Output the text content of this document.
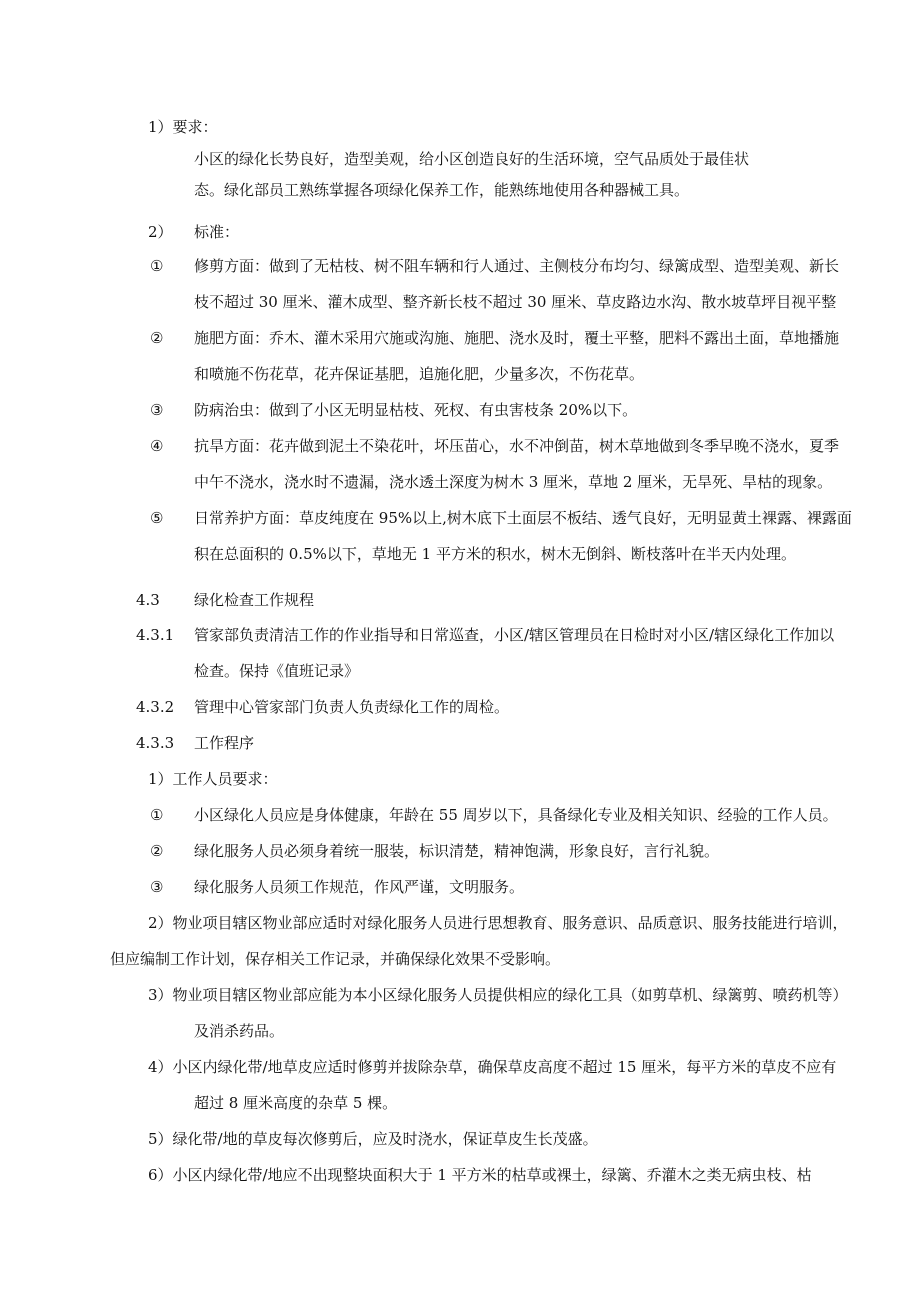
1）要求：
小区的绿化长势良好，造型美观，给小区创造良好的生活环境，空气品质处于最佳状
态。绿化部员工熟练掌握各项绿化保养工作，能熟练地使用各种器械工具。
2） 标准：
① 修剪方面：做到了无枯枝、树不阻车辆和行人通过、主侧枝分布均匀、绿篱成型、造型美观、新长
枝不超过 30 厘米、灌木成型、整齐新长枝不超过 30 厘米、草皮路边水沟、散水坡草坪目视平整
② 施肥方面：乔木、灌木采用穴施或沟施、施肥、浇水及时，覆土平整，肥料不露出土面，草地播施
和喷施不伤花草，花卉保证基肥，追施化肥，少量多次，不伤花草。
③ 防病治虫：做到了小区无明显枯枝、死杈、有虫害枝条 20%以下。
④ 抗旱方面：花卉做到泥土不染花叶，坏压苗心，水不冲倒苗，树木草地做到冬季早晚不浇水，夏季
中午不浇水，浇水时不遗漏，浇水透土深度为树木 3 厘米，草地 2 厘米，无旱死、旱枯的现象。
⑤ 日常养护方面：草皮纯度在 95%以上,树木底下土面层不板结、透气良好，无明显黄土裸露、裸露面
积在总面积的 0.5%以下，草地无 1 平方米的积水，树木无倒斜、断枝落叶在半天内处理。
4.3 绿化检查工作规程
4.3.1 管家部负责清洁工作的作业指导和日常巡查，小区/辖区管理员在日检时对小区/辖区绿化工作加以
检查。保持《值班记录》
4.3.2 管理中心管家部门负责人负责绿化工作的周检。
4.3.3 工作程序
1）工作人员要求：
① 小区绿化人员应是身体健康，年龄在 55 周岁以下，具备绿化专业及相关知识、经验的工作人员。
② 绿化服务人员必须身着统一服装，标识清楚，精神饱满，形象良好，言行礼貌。
③ 绿化服务人员须工作规范，作风严谨，文明服务。
2）物业项目辖区物业部应适时对绿化服务人员进行思想教育、服务意识、品质意识、服务技能进行培训，
但应编制工作计划，保存相关工作记录，并确保绿化效果不受影响。
3）物业项目辖区物业部应能为本小区绿化服务人员提供相应的绿化工具（如剪草机、绿篱剪、喷药机等）
及消杀药品。
4）小区内绿化带/地草皮应适时修剪并拔除杂草，确保草皮高度不超过 15 厘米，每平方米的草皮不应有
超过 8 厘米高度的杂草 5 棵。
5）绿化带/地的草皮每次修剪后，应及时浇水，保证草皮生长茂盛。
6）小区内绿化带/地应不出现整块面积大于 1 平方米的枯草或裸土，绿篱、乔灌木之类无病虫枝、枯
